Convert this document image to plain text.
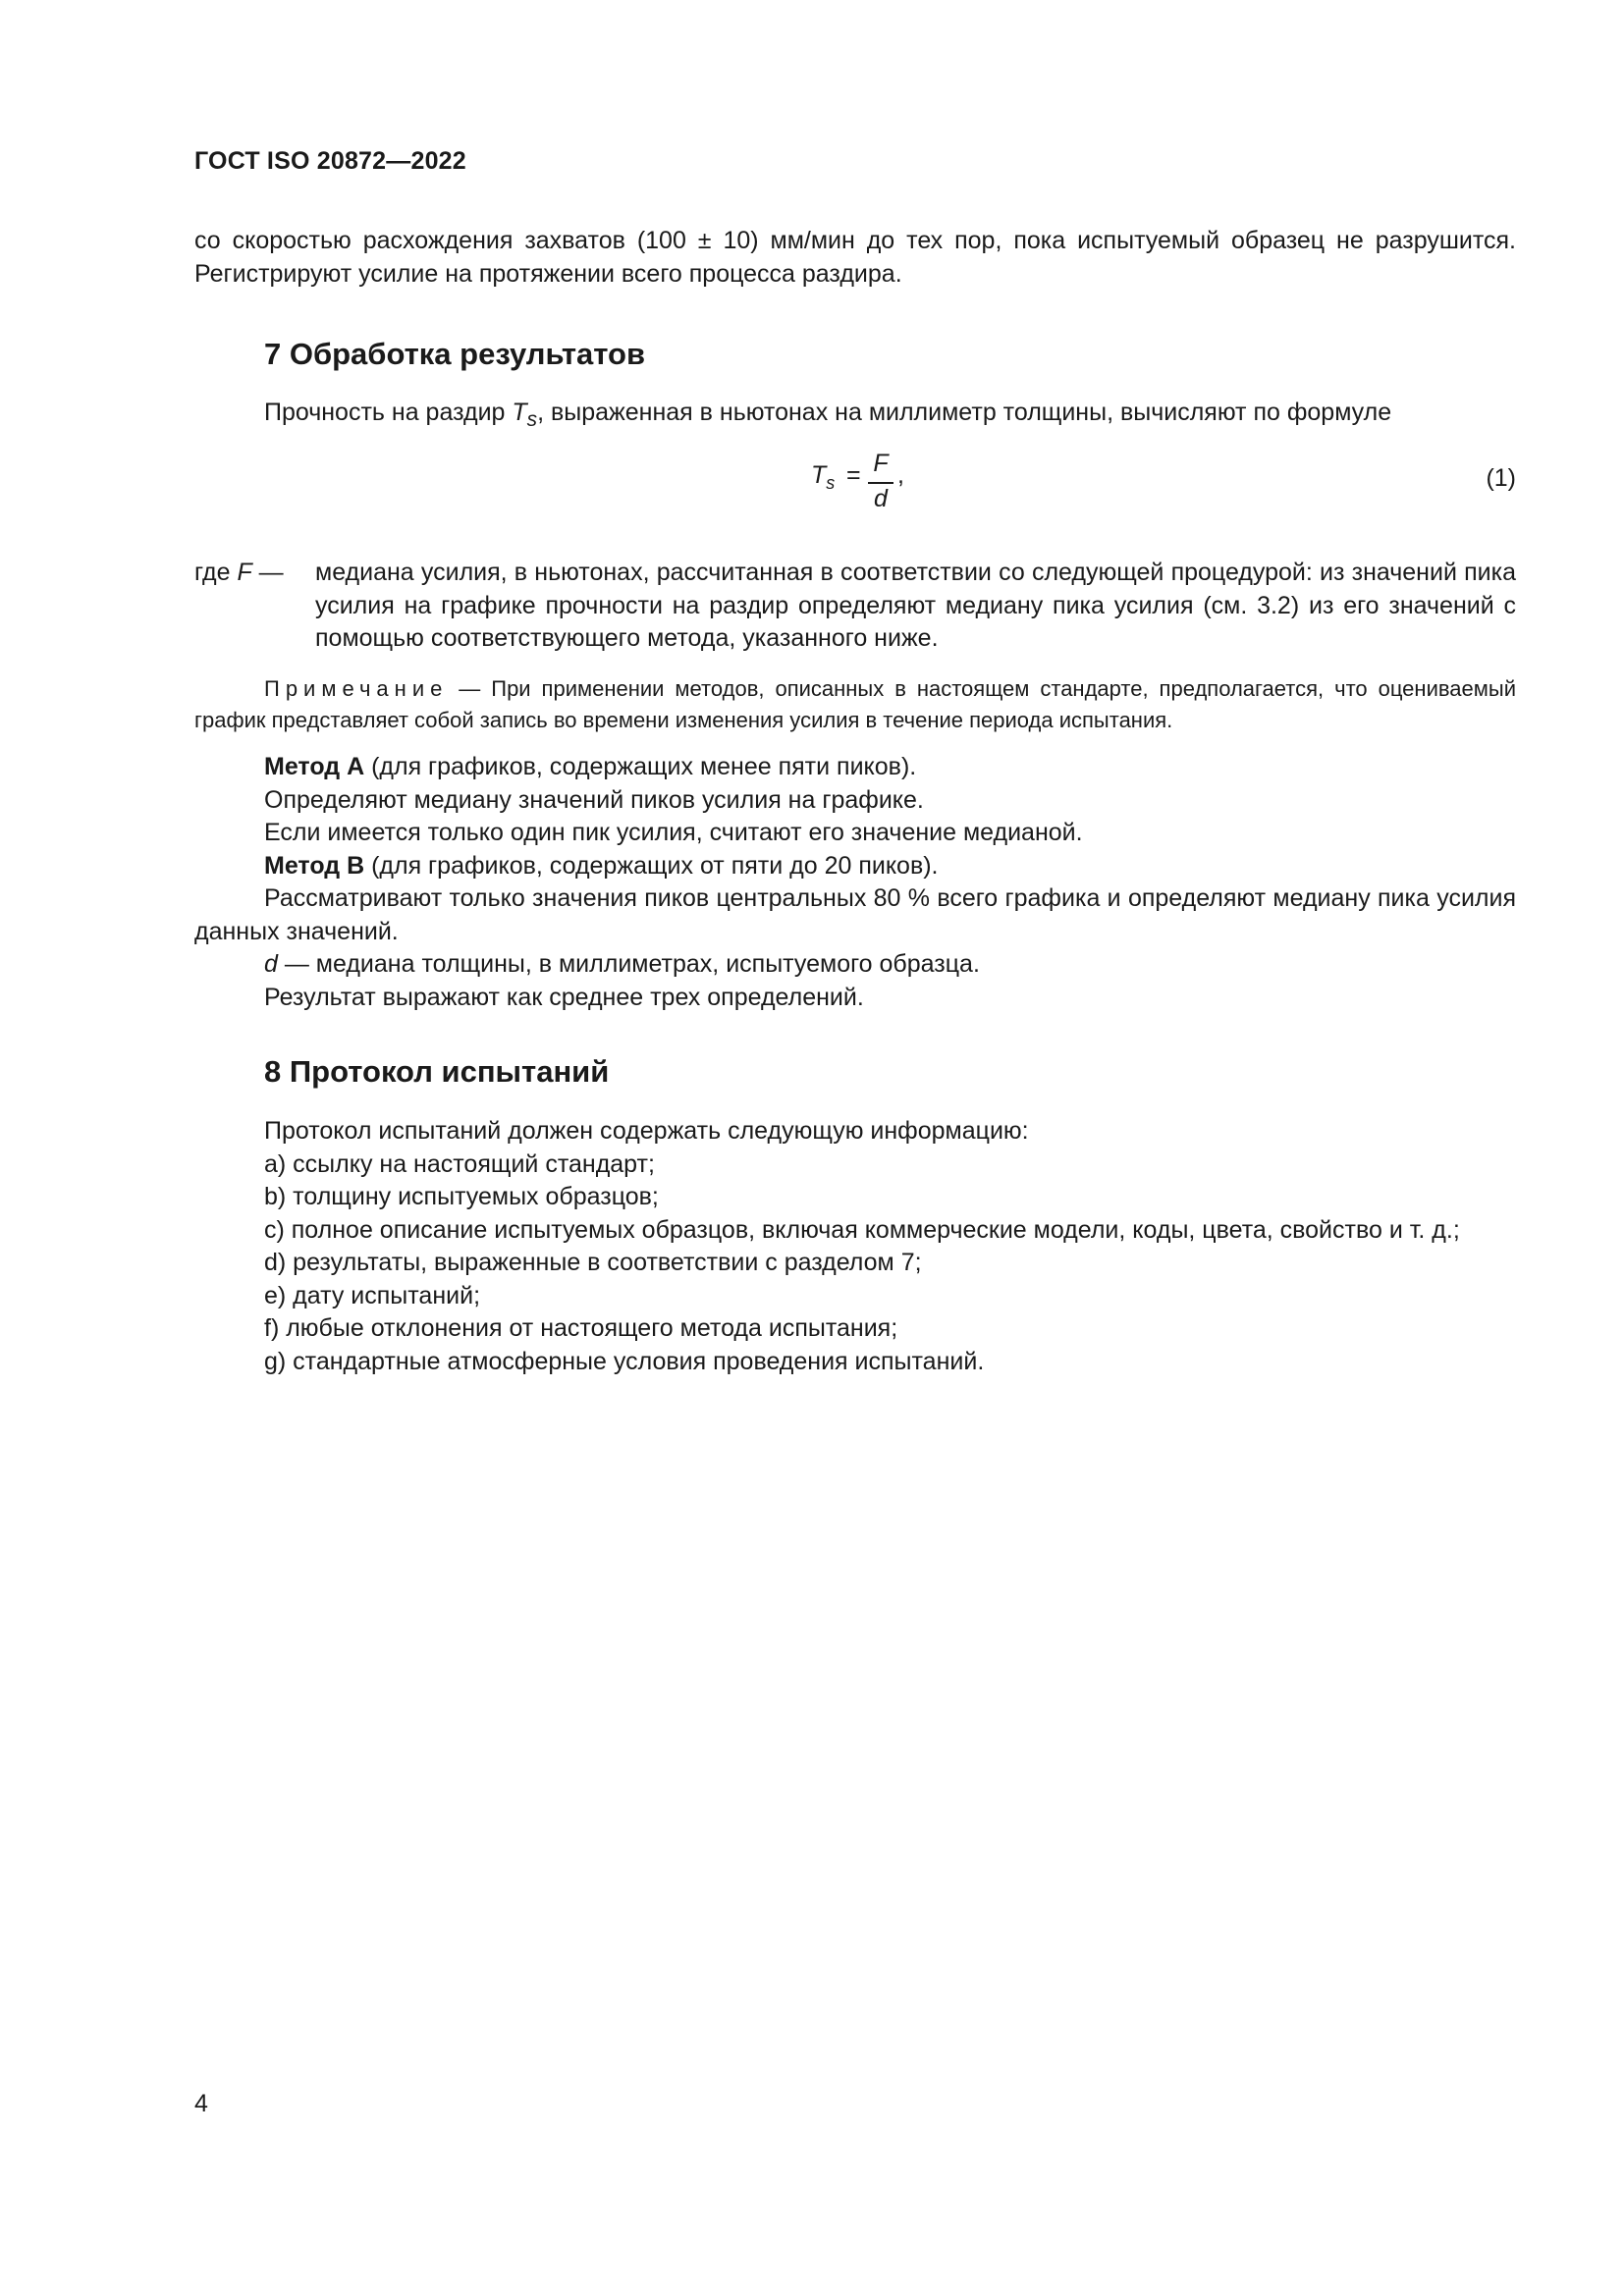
ГОСТ ISO 20872—2022

со скоростью расхождения захватов (100 ± 10) мм/мин до тех пор, пока испытуемый образец не разрушится. Регистрируют усилие на протяжении всего процесса раздира.

7 Обработка результатов

Прочность на раздир $T_s$, выраженная в ньютонах на миллиметр толщины, вычисляют по формуле

$T_s = F$
d
,	(1)
где F — медиана усилия, в ньютонах, рассчитанная в соответствии со следующей процедурой: из значений пика усилия на графике прочности на раздир определяют медиану пика усилия (см. 3.2) из его значений с помощью соответствующего метода, указанного ниже.

Примечание — При применении методов, описанных в настоящем стандарте, предполагается, что оцениваемый график представляет собой запись во времени изменения усилия в течение периода испытания.

Метод А (для графиков, содержащих менее пяти пиков).

Определяют медиану значений пиков усилия на графике.

Если имеется только один пик усилия, считают его значение медианой.

Метод В (для графиков, содержащих от пяти до 20 пиков).

Рассматривают только значения пиков центральных 80 % всего графика и определяют медиану пика усилия данных значений.

d — медиана толщины, в миллиметрах, испытуемого образца.

Результат выражают как среднее трех определений.

8 Протокол испытаний

Протокол испытаний должен содержать следующую информацию:

a) ссылку на настоящий стандарт;

b) толщину испытуемых образцов;

c) полное описание испытуемых образцов, включая коммерческие модели, коды, цвета, свойство и т. д.;

d) результаты, выраженные в соответствии с разделом 7;

e) дату испытаний;

f) любые отклонения от настоящего метода испытания;

g) стандартные атмосферные условия проведения испытаний.

4
